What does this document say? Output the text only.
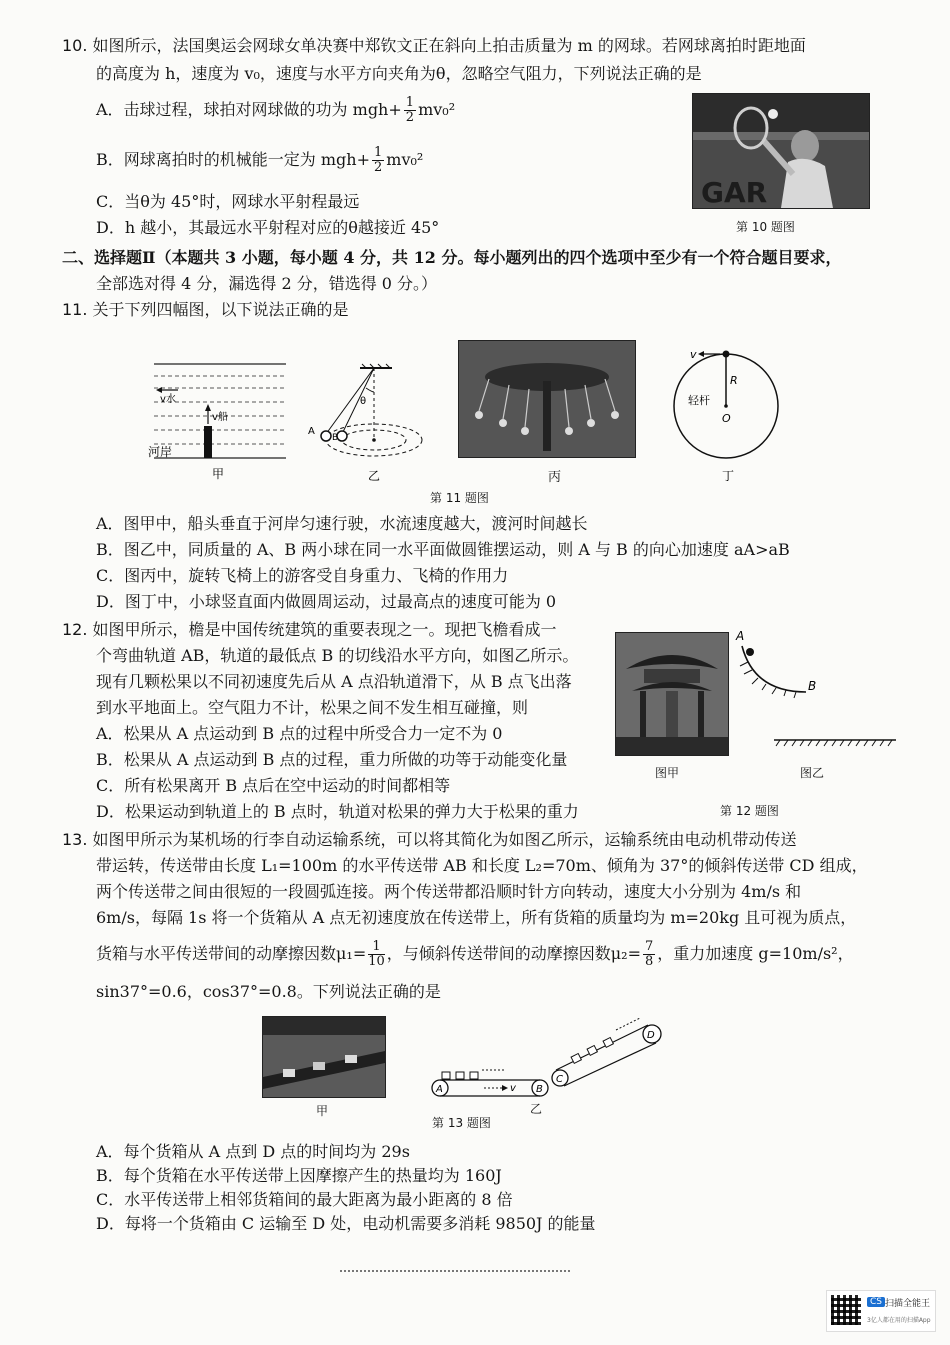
10. 如图所示，法国奥运会网球女单决赛中郑钦文正在斜向上拍击质量为 m 的网球。若网球离拍时距地面
的高度为 h，速度为 v₀，速度与水平方向夹角为θ，忽略空气阻力，下列说法正确的是
A．击球过程，球拍对网球做的功为 $mgh+ \frac{1}{2} mv_0^2$
B．网球离拍时的机械能一定为 $mgh+ \frac{1}{2} mv_0^2$
C．当θ为 45°时，网球水平射程最远
D．h 越小，其最远水平射程对应的θ越接近 45°
GAR
第 10 题图
二、选择题Ⅱ（本题共 3 小题，每小题 4 分，共 12 分。每小题列出的四个选项中至少有一个符合题目要求，
全部选对得 4 分，漏选得 2 分，错选得 0 分。）
11. 关于下列四幅图，以下说法正确的是
v水
v船
河岸
甲
θ
A
B
乙	丙
v
R
轻杆
O
丁
第 11 题图
A．图甲中，船头垂直于河岸匀速行驶，水流速度越大，渡河时间越长
B．图乙中，同质量的 A、B 两小球在同一水平面做圆锥摆运动，则 A 与 B 的向心加速度 aA>aB
C．图丙中，旋转飞椅上的游客受自身重力、飞椅的作用力
D．图丁中，小球竖直面内做圆周运动，过最高点的速度可能为 0
12. 如图甲所示，檐是中国传统建筑的重要表现之一。现把飞檐看成一
个弯曲轨道 AB，轨道的最低点 B 的切线沿水平方向，如图乙所示。
现有几颗松果以不同初速度先后从 A 点沿轨道滑下，从 B 点飞出落
到水平地面上。空气阻力不计，松果之间不发生相互碰撞，则
A．松果从 A 点运动到 B 点的过程中所受合力一定不为 0
B．松果从 A 点运动到 B 点的过程，重力所做的功等于动能变化量
C．所有松果离开 B 点后在空中运动的时间都相等
D．松果运动到轨道上的 B 点时，轨道对松果的弹力大于松果的重力
A
B
图甲	图乙
第 12 题图
13. 如图甲所示为某机场的行李自动运输系统，可以将其简化为如图乙所示，运输系统由电动机带动传送
带运转，传送带由长度 L₁=100m 的水平传送带 AB 和长度 L₂=70m、倾角为 37°的倾斜传送带 CD 组成，
两个传送带之间由很短的一段圆弧连接。两个传送带都沿顺时针方向转动，速度大小分别为 4m/s 和
6m/s，每隔 1s 将一个货箱从 A 点无初速度放在传送带上，所有货箱的质量均为 m=20kg 且可视为质点，
货箱与水平传送带间的动摩擦因数$\mu_1= \frac{1}{10}$ ，与倾斜传送带间的动摩擦因数$\mu_2= \frac{7}{8}$ ，重力加速度 g=10m/s²，
sin37°=0.6，cos37°=0.8。下列说法正确的是
甲
A	B
v
C
D
第 13 题图
乙
A．每个货箱从 A 点到 D 点的时间均为 29s
B．每个货箱在水平传送带上因摩擦产生的热量均为 160J
C．水平传送带上相邻货箱间的最大距离为最小距离的 8 倍
D．每将一个货箱由 C 运输至 D 处，电动机需要多消耗 9850J 的能量
CS 扫描全能王
3亿人都在用的扫描App
